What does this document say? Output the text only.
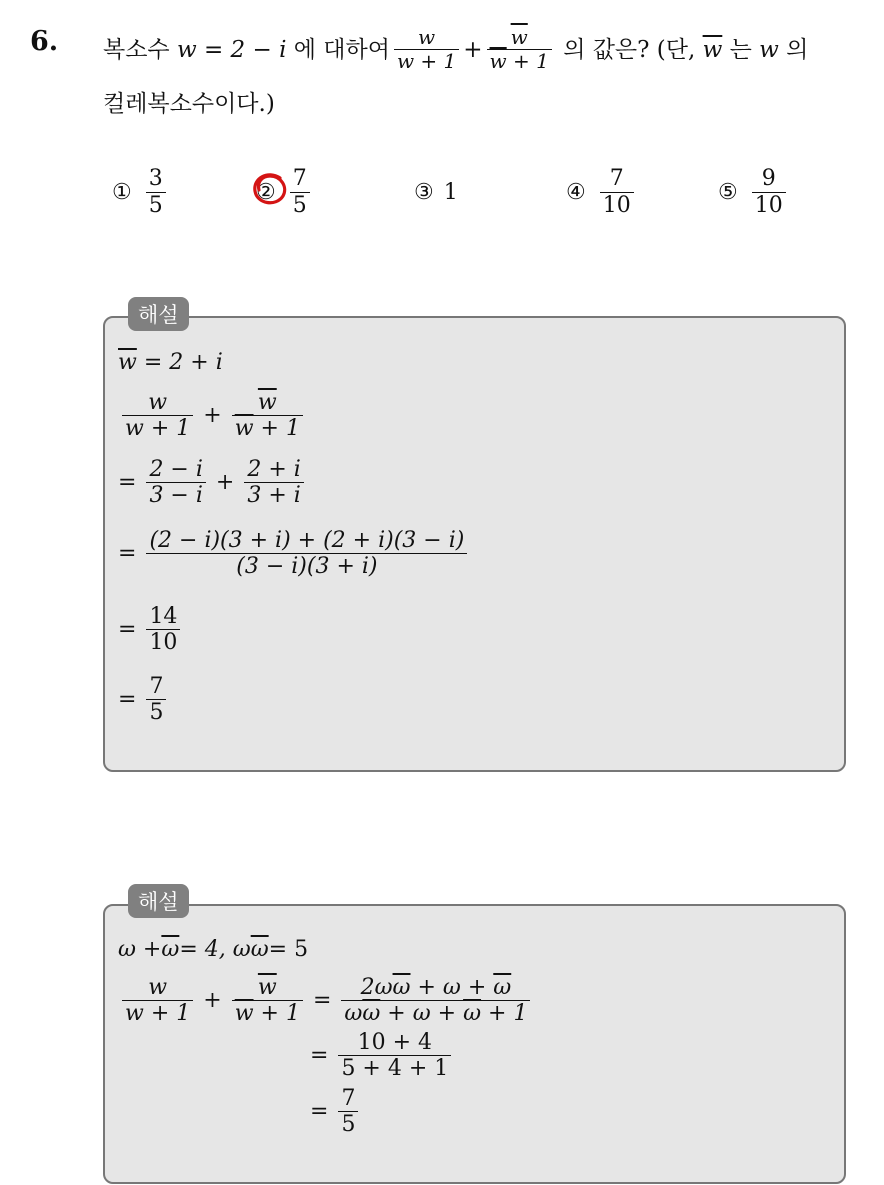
6. 복소수
w
= 2 − i
에 대하여 $\frac{w}{w + 1} + \frac{\overline{w}}{\overline{w} + 1}$
의 값은? (단,
$\overline{w}$
는
w
의
컬레복소수이다.)
① $\frac{3}{5}$	② $\frac{7}{5}$	③ 1	④ $\frac{7}{10}$	⑤ $\frac{9}{10}$
해설
$\overline{w}$
= 2 + i
$\frac{w}{w + 1} + \frac{\overline{w}}{\overline{w} + 1}$
= $\frac{2 - i}{3 - i} + \frac{2 + i}{3 + i}$
= $\frac{(2 - i)(3 + i) + (2 + i)(3 - i)}{(3 - i)(3 + i)}$
= $\frac{14}{10}$
= $\frac{7}{5}$
해설
$\omega + \overline{\omega} = 4$, ω $\overline{\omega} = 5$
$\frac{w}{w + 1} + \frac{\overline{w}}{\overline{w} + 1} = \frac{2\omega\overline{\omega} + \omega + \overline{\omega}}{\omega\overline{\omega} + \omega + \overline{\omega} + 1}$
= $\frac{10 + 4}{5 + 4 + 1}$
= $\frac{7}{5}$
